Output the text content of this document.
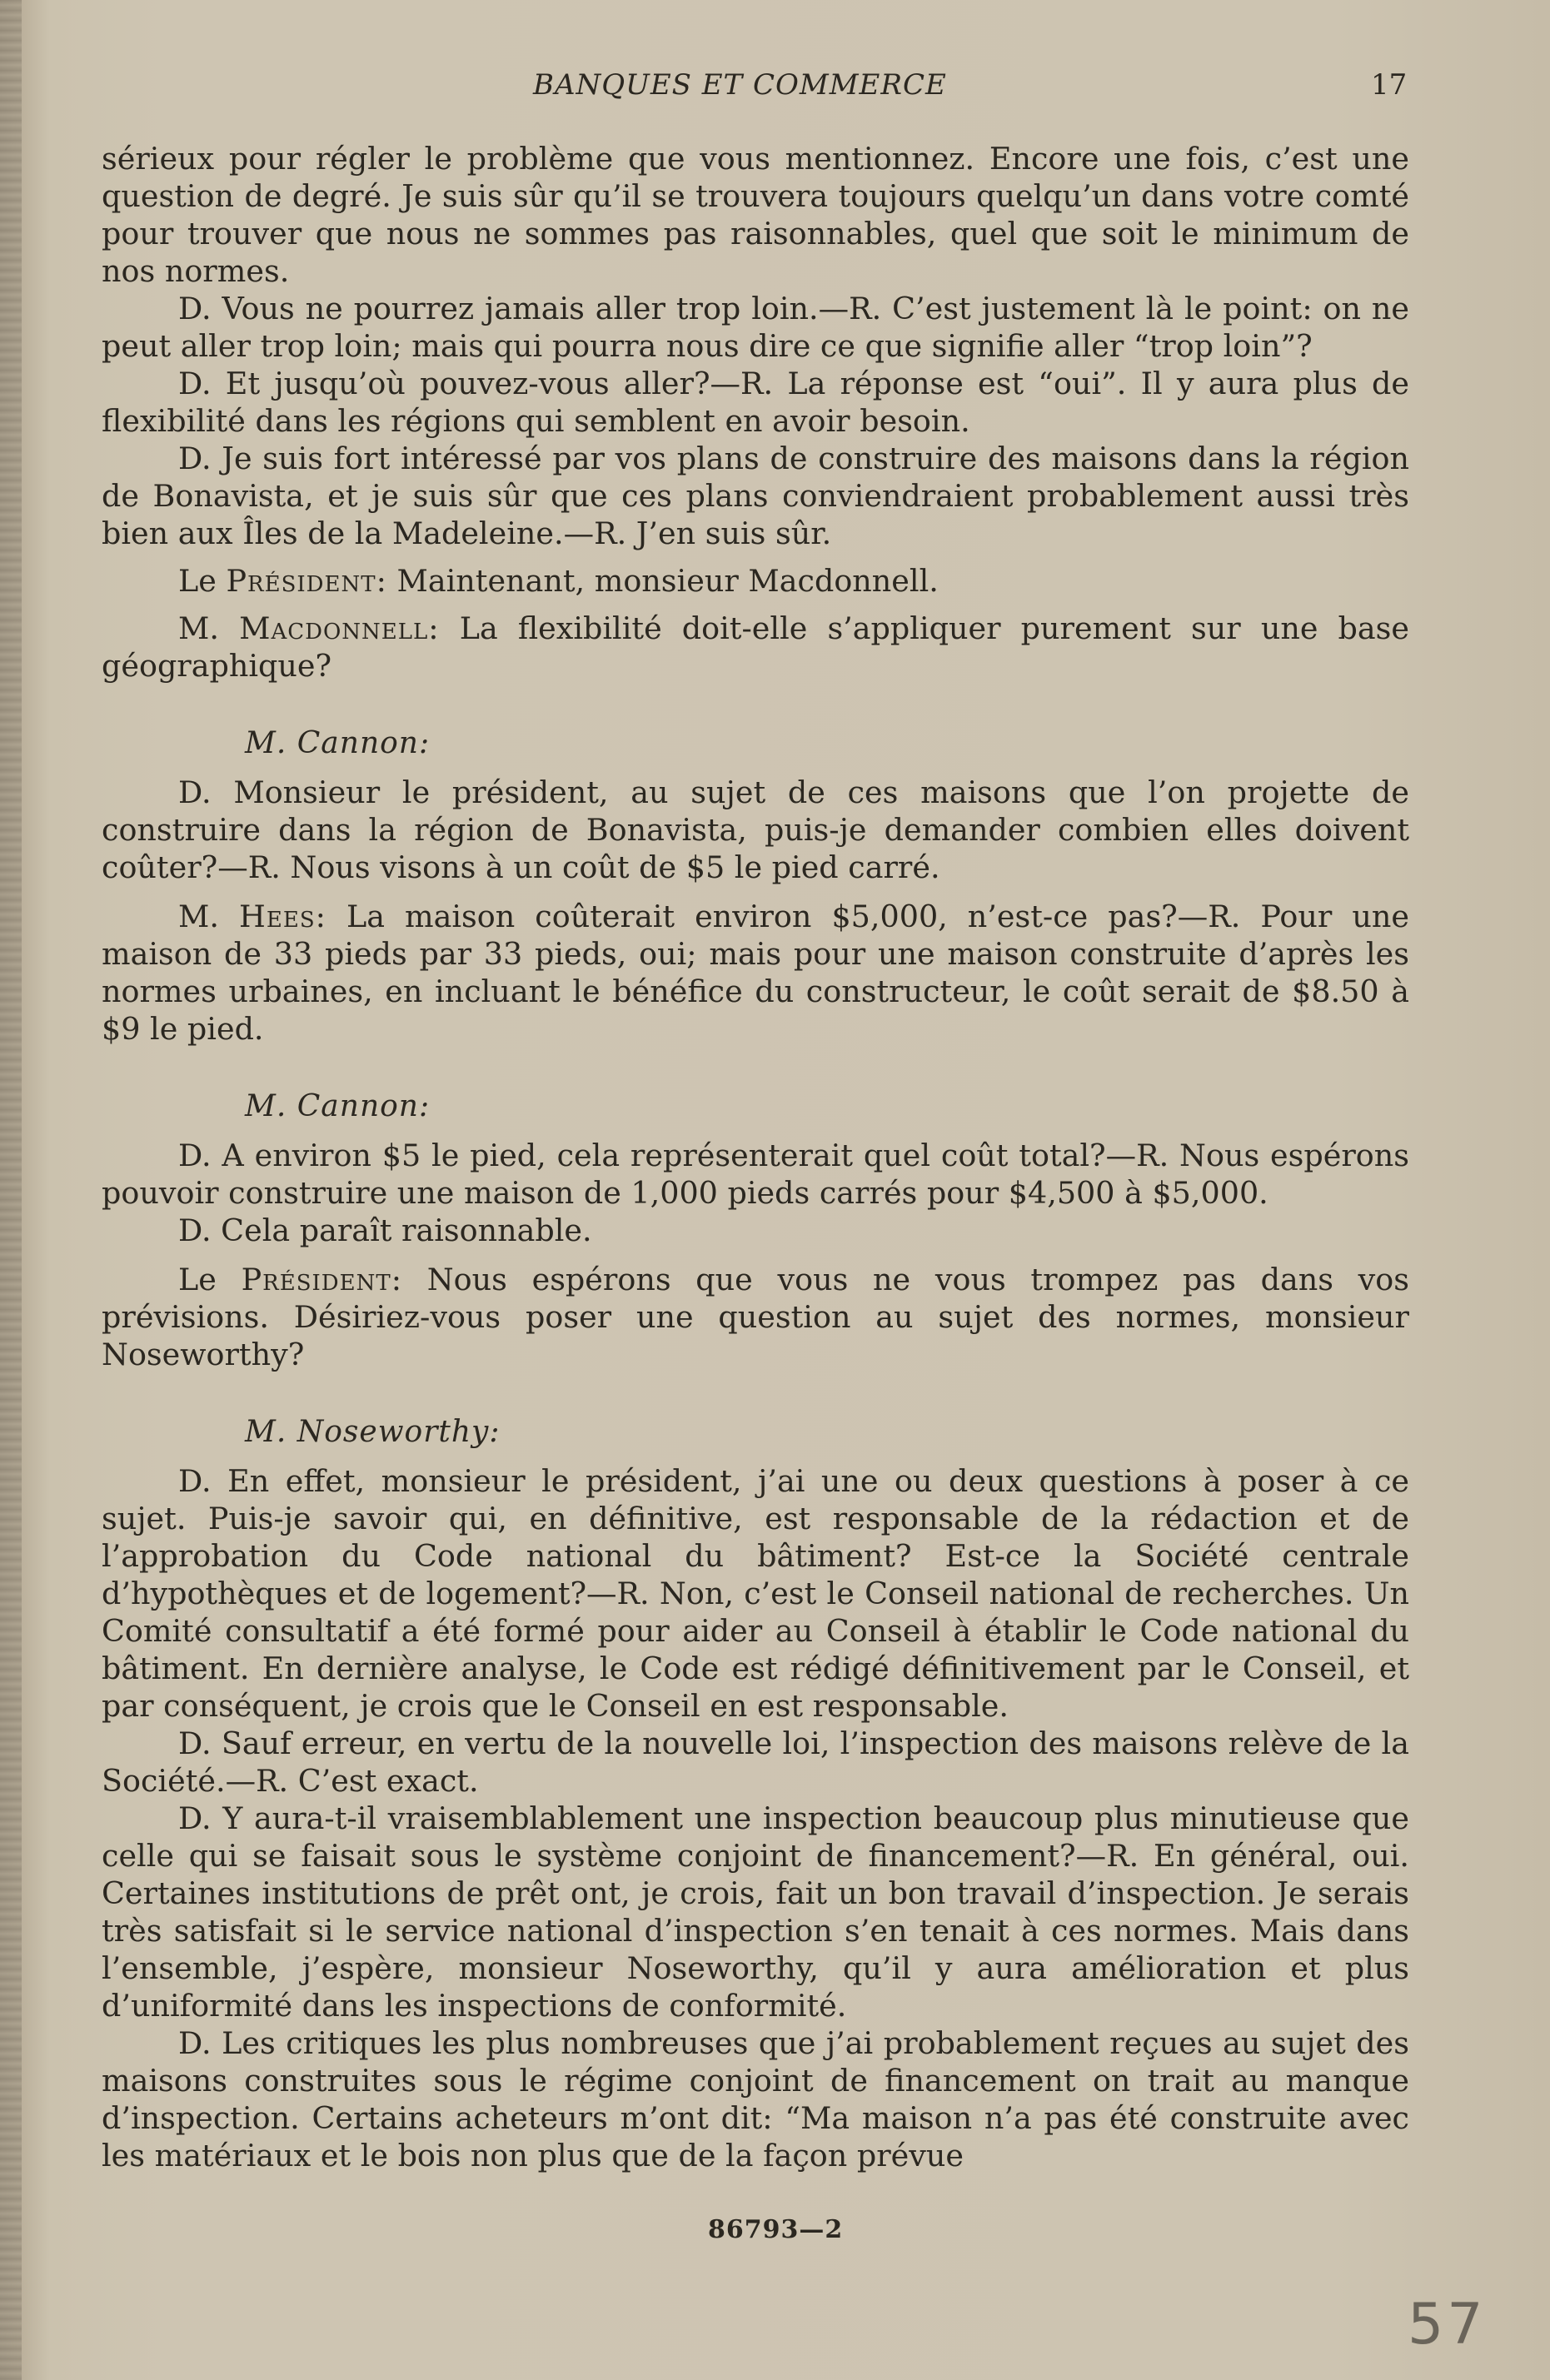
BANQUES ET COMMERCE	17

sérieux pour régler le problème que vous mentionnez. Encore une fois, c’est une question de degré. Je suis sûr qu’il se trouvera toujours quelqu’un dans votre comté pour trouver que nous ne sommes pas raisonnables, quel que soit le minimum de nos normes.

D. Vous ne pourrez jamais aller trop loin.—R. C’est justement là le point: on ne peut aller trop loin; mais qui pourra nous dire ce que signifie aller “trop loin”?

D. Et jusqu’où pouvez-vous aller?—R. La réponse est “oui”. Il y aura plus de flexibilité dans les régions qui semblent en avoir besoin.

D. Je suis fort intéressé par vos plans de construire des maisons dans la région de Bonavista, et je suis sûr que ces plans conviendraient probablement aussi très bien aux Îles de la Madeleine.—R. J’en suis sûr.

Le Président: Maintenant, monsieur Macdonnell.

M. Macdonnell: La flexibilité doit-elle s’appliquer purement sur une base géographique?

M. Cannon:

D. Monsieur le président, au sujet de ces maisons que l’on projette de construire dans la région de Bonavista, puis-je demander combien elles doivent coûter?—R. Nous visons à un coût de $5 le pied carré.

M. Hees: La maison coûterait environ $5,000, n’est-ce pas?—R. Pour une maison de 33 pieds par 33 pieds, oui; mais pour une maison construite d’après les normes urbaines, en incluant le bénéfice du constructeur, le coût serait de $8.50 à $9 le pied.

M. Cannon:

D. A environ $5 le pied, cela représenterait quel coût total?—R. Nous espérons pouvoir construire une maison de 1,000 pieds carrés pour $4,500 à $5,000.

D. Cela paraît raisonnable.

Le Président: Nous espérons que vous ne vous trompez pas dans vos prévisions. Désiriez-vous poser une question au sujet des normes, monsieur Noseworthy?

M. Noseworthy:

D. En effet, monsieur le président, j’ai une ou deux questions à poser à ce sujet. Puis-je savoir qui, en définitive, est responsable de la rédaction et de l’approbation du Code national du bâtiment? Est-ce la Société centrale d’hypothèques et de logement?—R. Non, c’est le Conseil national de recherches. Un Comité consultatif a été formé pour aider au Conseil à établir le Code national du bâtiment. En dernière analyse, le Code est rédigé définitivement par le Conseil, et par conséquent, je crois que le Conseil en est responsable.

D. Sauf erreur, en vertu de la nouvelle loi, l’inspection des maisons relève de la Société.—R. C’est exact.

D. Y aura-t-il vraisemblablement une inspection beaucoup plus minutieuse que celle qui se faisait sous le système conjoint de financement?—R. En général, oui. Certaines institutions de prêt ont, je crois, fait un bon travail d’inspection. Je serais très satisfait si le service national d’inspection s’en tenait à ces normes. Mais dans l’ensemble, j’espère, monsieur Noseworthy, qu’il y aura amélioration et plus d’uniformité dans les inspections de conformité.

D. Les critiques les plus nombreuses que j’ai probablement reçues au sujet des maisons construites sous le régime conjoint de financement on trait au manque d’inspection. Certains acheteurs m’ont dit: “Ma maison n’a pas été construite avec les matériaux et le bois non plus que de la façon prévue

86793—2
57
